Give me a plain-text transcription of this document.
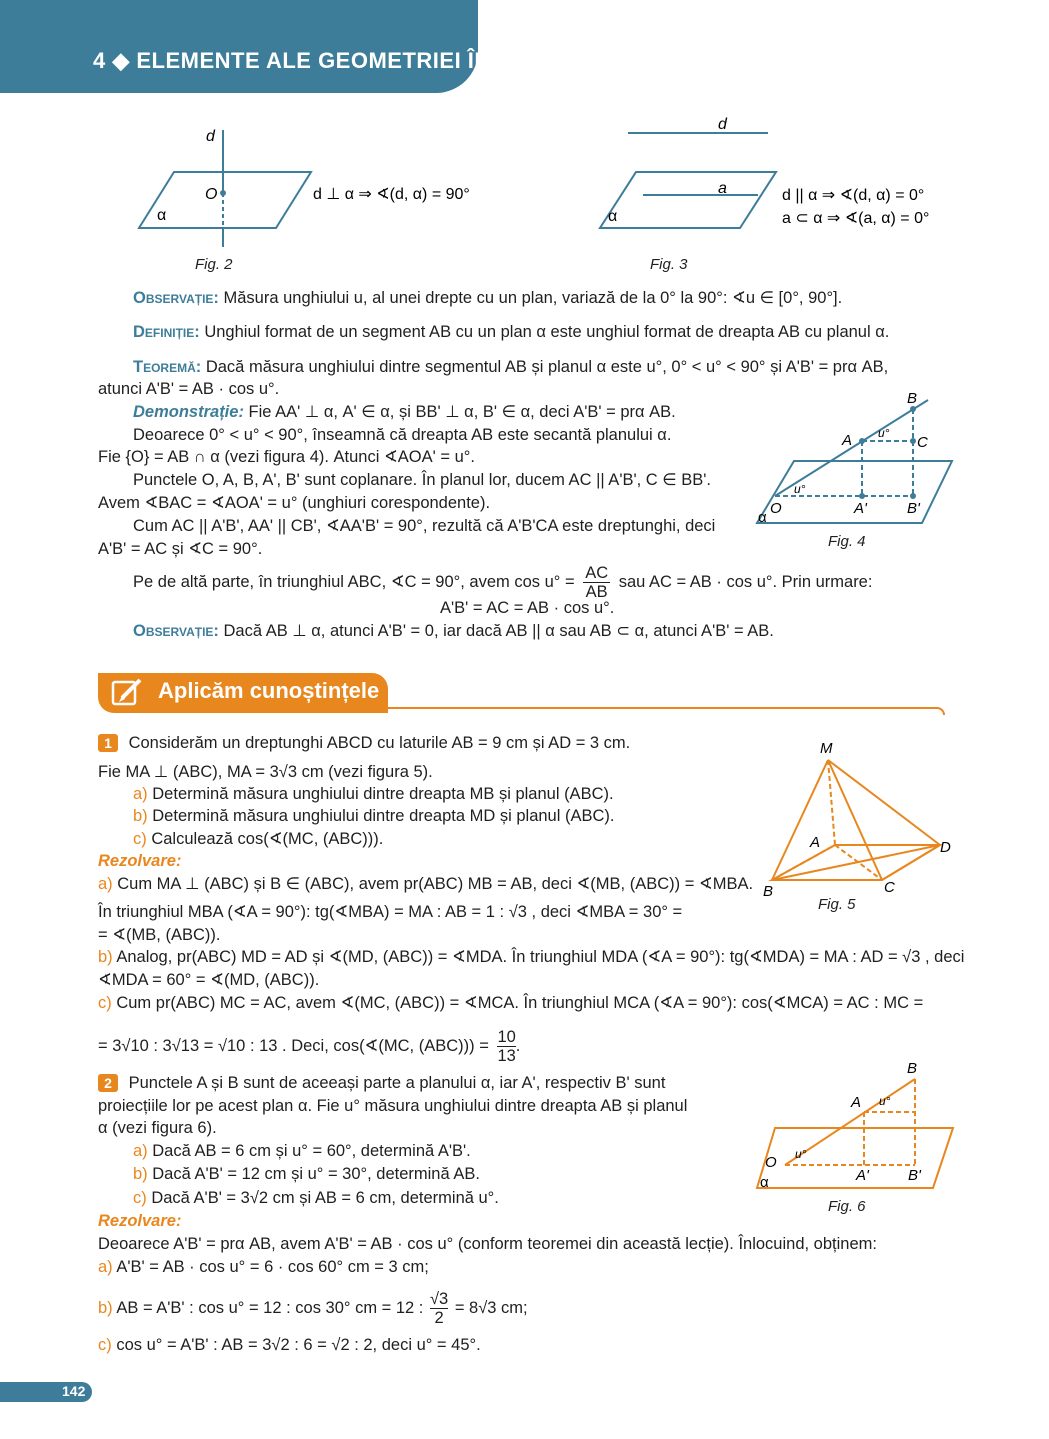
4 ◆ ELEMENTE ALE GEOMETRIEI ÎN SPAȚIU
d
O
α
d ⊥ α ⇒ ∢(d, α) = 90°
Fig. 2
d
a
α
d || α ⇒ ∢(d, α) = 0°
a ⊂ α ⇒ ∢(a, α) = 0°
Fig. 3
Observație: Măsura unghiului u, al unei drepte cu un plan, variază de la 0° la 90°: ∢u ∈ [0°, 90°].
Definiție: Unghiul format de un segment AB cu un plan α este unghiul format de dreapta AB cu planul α.
Teoremă: Dacă măsura unghiului dintre segmentul AB și planul α este u°, 0° < u° < 90° și A'B' = prα AB,
atunci A'B' = AB · cos u°.
Demonstrație: Fie AA' ⊥ α, A' ∈ α, și BB' ⊥ α, B' ∈ α, deci A'B' = prα AB.
Deoarece 0° < u° < 90°, înseamnă că dreapta AB este secantă planului α.
Fie {O} = AB ∩ α (vezi figura 4). Atunci ∢AOA' = u°.
Punctele O, A, B, A', B' sunt coplanare. În planul lor, ducem AC || A'B', C ∈ BB'.
Avem ∢BAC = ∢AOA' = u° (unghiuri corespondente).
Cum AC || A'B', AA' || CB', ∢AA'B' = 90°, rezultă că A'B'CA este dreptunghi, deci
A'B' = AC și ∢C = 90°.
Pe de altă parte, în triunghiul ABC, ∢C = 90°, avem $\cos u^\circ = \frac{AC}{AB}$ sau AC = AB · cos u°. Prin urmare:
A'B' = AC = AB · cos u°.
Observație: Dacă AB ⊥ α, atunci A'B' = 0, iar dacă AB || α sau AB ⊂ α, atunci A'B' = AB.
B
A	C
u°
u°
O	A'	B'
α
Fig. 4
Aplicăm cunoștințele
1 Considerăm un dreptunghi ABCD cu laturile AB = 9 cm și AD = 3 cm.
Fie MA ⊥ (ABC), MA = 3√3 cm (vezi figura 5).
a) Determină măsura unghiului dintre dreapta MB și planul (ABC).
b) Determină măsura unghiului dintre dreapta MD și planul (ABC).
c) Calculează cos(∢(MC, (ABC))).
Rezolvare:
a) Cum MA ⊥ (ABC) și B ∈ (ABC), avem pr(ABC) MB = AB, deci ∢(MB, (ABC)) = ∢MBA.
În triunghiul MBA (∢A = 90°): tg(∢MBA) = MA : AB = 1 : √3 , deci ∢MBA = 30° =
= ∢(MB, (ABC)).
b) Analog, pr(ABC) MD = AD și ∢(MD, (ABC)) = ∢MDA. În triunghiul MDA (∢A = 90°): tg(∢MDA) = MA : AD = √3 , deci
∢MDA = 60° = ∢(MD, (ABC)).
c) Cum pr(ABC) MC = AC, avem ∢(MC, (ABC)) = ∢MCA. În triunghiul MCA (∢A = 90°): cos(∢MCA) = AC : MC =
= 3√10 : 3√13 = √10 : 13 . Deci, cos(∢(MC, $(ABC))) = \frac{10}{13}$ .
M
A
B	C
D
Fig. 5
2 Punctele A și B sunt de aceeași parte a planului α, iar A', respectiv B' sunt
proiecțiile lor pe acest plan α. Fie u° măsura unghiului dintre dreapta AB și planul
α (vezi figura 6).
a) Dacă AB = 6 cm și u° = 60°, determină A'B'.
b) Dacă A'B' = 12 cm și u° = 30°, determină AB.
c) Dacă A'B' = 3√2 cm și AB = 6 cm, determină u°.
Rezolvare:
Deoarece A'B' = prα AB, avem A'B' = AB · cos u° (conform teoremei din această lecție). Înlocuind, obținem:
a) A'B' = AB · cos u° = 6 · cos 60° cm = 3 cm;
b) AB = A'B' : cos u° = 12 : cos 30° cm = 12 : $\frac{√3}{2} = 8√3$ cm;
c) cos u° = A'B' : AB = 3√2 : 6 = √2 : 2, deci u° = 45°.
B
A u°
u°
O
A'	B'
α
Fig. 6
142
